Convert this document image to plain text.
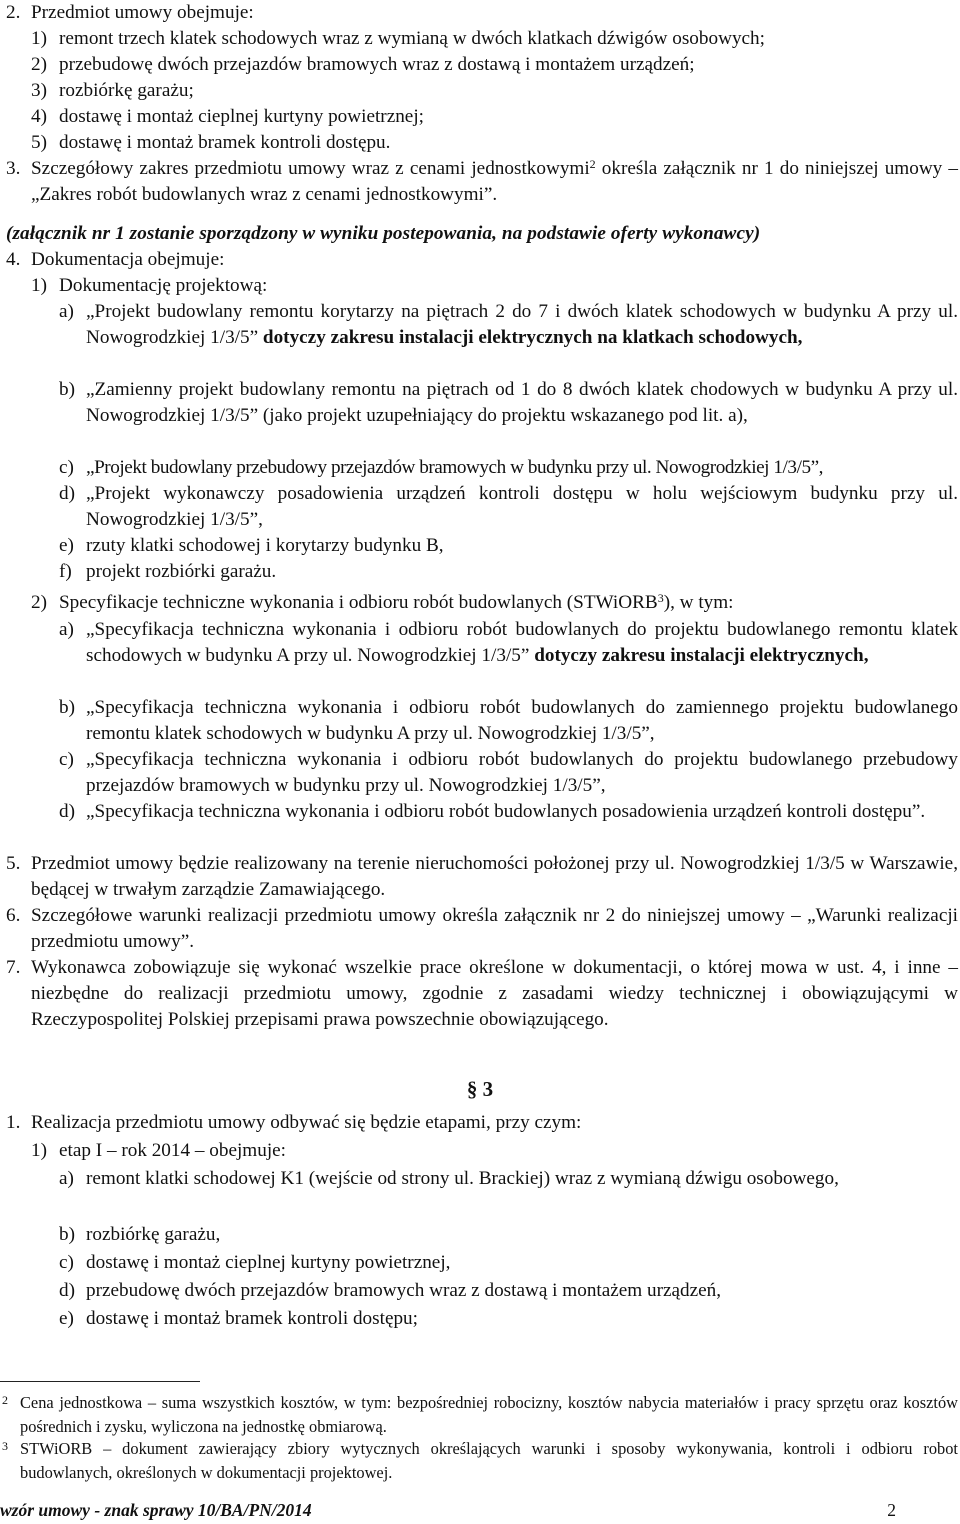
2. Przedmiot umowy obejmuje:
1) remont trzech klatek schodowych wraz z wymianą w dwóch klatkach dźwigów osobowych;
2) przebudowę dwóch przejazdów bramowych wraz z dostawą i montażem urządzeń;
3) rozbiórkę garażu;
4) dostawę i montaż cieplnej kurtyny powietrznej;
5) dostawę i montaż bramek kontroli dostępu.
3. Szczegółowy zakres przedmiotu umowy wraz z cenami jednostkowymi$^2$ określa załącznik nr 1 do niniejszej umowy – „Zakres robót budowlanych wraz z cenami jednostkowymi”.
(załącznik nr 1 zostanie sporządzony w wyniku postepowania, na podstawie oferty wykonawcy)
4. Dokumentacja obejmuje:
1) Dokumentację projektową:
a) „Projekt budowlany remontu korytarzy na piętrach 2 do 7 i dwóch klatek schodowych w budynku A przy ul. Nowogrodzkiej 1/3/5” dotyczy zakresu instalacji elektrycznych na klatkach schodowych,
b) „Zamienny projekt budowlany remontu na piętrach od 1 do 8 dwóch klatek chodowych w budynku A przy ul. Nowogrodzkiej 1/3/5” (jako projekt uzupełniający do projektu wskazanego pod lit. a),
c) „Projekt budowlany przebudowy przejazdów bramowych w budynku przy ul. Nowogrodzkiej 1/3/5”,
d) „Projekt wykonawczy posadowienia urządzeń kontroli dostępu w holu wejściowym budynku przy ul. Nowogrodzkiej 1/3/5”,
e) rzuty klatki schodowej i korytarzy budynku B,
f) projekt rozbiórki garażu.
2) Specyfikacje techniczne wykonania i odbioru robót budowlanych (STWiORB$^3$), w tym:
a) „Specyfikacja techniczna wykonania i odbioru robót budowlanych do projektu budowlanego remontu klatek schodowych w budynku A przy ul. Nowogrodzkiej 1/3/5” dotyczy zakresu instalacji elektrycznych,
b) „Specyfikacja techniczna wykonania i odbioru robót budowlanych do zamiennego projektu budowlanego remontu klatek schodowych w budynku A przy ul. Nowogrodzkiej 1/3/5”,
c) „Specyfikacja techniczna wykonania i odbioru robót budowlanych do projektu budowlanego przebudowy przejazdów bramowych w budynku przy ul. Nowogrodzkiej 1/3/5”,
d) „Specyfikacja techniczna wykonania i odbioru robót budowlanych posadowienia urządzeń kontroli dostępu”.
5. Przedmiot umowy będzie realizowany na terenie nieruchomości położonej przy ul. Nowogrodzkiej 1/3/5 w Warszawie, będącej w trwałym zarządzie Zamawiającego.
6. Szczegółowe warunki realizacji przedmiotu umowy określa załącznik nr 2 do niniejszej umowy – „Warunki realizacji przedmiotu umowy”.
7. Wykonawca zobowiązuje się wykonać wszelkie prace określone w dokumentacji, o której mowa w ust. 4, i inne – niezbędne do realizacji przedmiotu umowy, zgodnie z zasadami wiedzy technicznej i obowiązującymi w Rzeczypospolitej Polskiej przepisami prawa powszechnie obowiązującego.
§ 3
1. Realizacja przedmiotu umowy odbywać się będzie etapami, przy czym:
1) etap I – rok 2014 – obejmuje:
a) remont klatki schodowej K1 (wejście od strony ul. Brackiej) wraz z wymianą dźwigu osobowego,
b) rozbiórkę garażu,
c) dostawę i montaż cieplnej kurtyny powietrznej,
d) przebudowę dwóch przejazdów bramowych wraz z dostawą i montażem urządzeń,
e) dostawę i montaż bramek kontroli dostępu;
2 Cena jednostkowa – suma wszystkich kosztów, w tym: bezpośredniej robocizny, kosztów nabycia materiałów i pracy sprzętu oraz kosztów pośrednich i zysku, wyliczona na jednostkę obmiarową.
3 STWiORB – dokument zawierający zbiory wytycznych określających warunki i sposoby wykonywania, kontroli i odbioru robot budowlanych, określonych w dokumentacji projektowej.
wzór umowy - znak sprawy 10/BA/PN/2014	2
